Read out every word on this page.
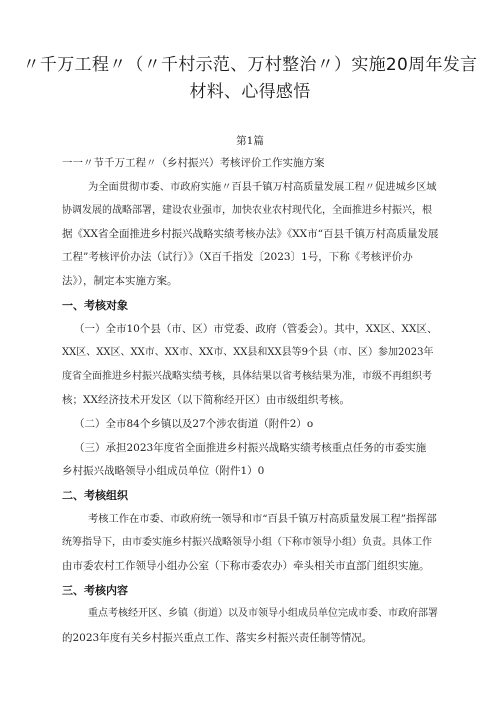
〃千万工程〃（〃千村示范、万村整治〃）实施20周年发言
材料、心得感悟
第1篇
一一〃节千万工程〃（乡村振兴）考核评价工作实施方案
为全面贯彻市委、市政府实施〃百县千镇万村高质量发展工程〃促进城乡区域
协调发展的战略部署，建设农业强市，加快农业农村现代化，全面推进乡村振兴，根
据《XX省全面推进乡村振兴战略实绩考核办法》《XX市“百县千镇万村高质量发展
工程”考核评价办法（试行）》（X百千指发〔2023〕1号，下称《考核评价办
法》），制定本实施方案。
一、考核对象
（一）全市10个县（市、区）市党委、政府（管委会）。其中，XX区、XX区、
XX区、XX区、XX市、XX市、XX市、XX县和XX县等9个县（市、区）参加2023年
度省全面推进乡村振兴战略实绩考核，具体结果以省考核结果为准，市级不再组织考
核；XX经济技术开发区（以下简称经开区）由市级组织考核。
（二）全市84个乡镇以及27个涉农街道（附件2）o
（三）承担2023年度省全面推进乡村振兴战略实绩考核重点任务的市委实施
乡村振兴战略领导小组成员单位（附件1）0
二、考核组织
考核工作在市委、市政府统一领导和市“百县千镇万村高质量发展工程”指挥部
统筹指导下，由市委实施乡村振兴战略领导小组（下称市领导小组）负责。具体工作
由市委农村工作领导小组办公室（下称市委农办）牵头相关市直部门组织实施。
三、考核内容
重点考核经开区、乡镇（街道）以及市领导小组成员单位完成市委、市政府部署
的2023年度有关乡村振兴重点工作、落实乡村振兴责任制等情况。
